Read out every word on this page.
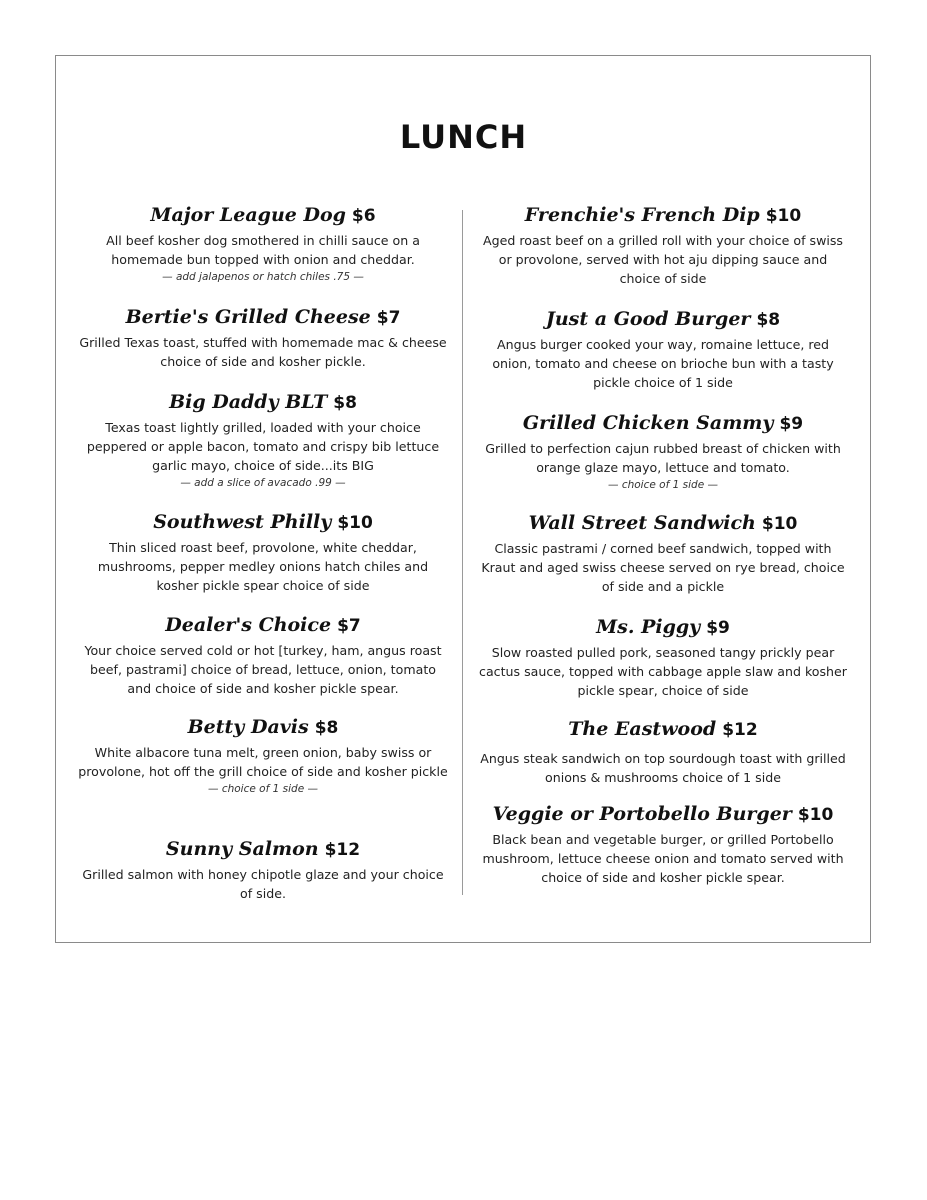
LUNCH

Major League Dog $6

All beef kosher dog smothered in chilli sauce on a homemade bun topped with onion and cheddar.

— add jalapenos or hatch chiles .75 —

Bertie's Grilled Cheese $7

Grilled Texas toast, stuffed with homemade mac & cheese choice of side and kosher pickle.

Big Daddy BLT $8

Texas toast lightly grilled, loaded with your choice peppered or apple bacon, tomato and crispy bib lettuce garlic mayo, choice of side...its BIG

— add a slice of avacado .99 —

Southwest Philly $10

Thin sliced roast beef, provolone, white cheddar, mushrooms, pepper medley onions hatch chiles and kosher pickle spear choice of side

Dealer's Choice $7

Your choice served cold or hot [turkey, ham, angus roast beef, pastrami] choice of bread, lettuce, onion, tomato and choice of side and kosher pickle spear.

Betty Davis $8

White albacore tuna melt, green onion, baby swiss or provolone, hot off the grill choice of side and kosher pickle

— choice of 1 side —

Sunny Salmon $12

Grilled salmon with honey chipotle glaze and your choice of side.

Frenchie's French Dip $10

Aged roast beef on a grilled roll with your choice of swiss or provolone, served with hot aju dipping sauce and choice of side

Just a Good Burger $8

Angus burger cooked your way, romaine lettuce, red onion, tomato and cheese on brioche bun with a tasty pickle choice of 1 side

Grilled Chicken Sammy $9

Grilled to perfection cajun rubbed breast of chicken with orange glaze mayo, lettuce and tomato.

— choice of 1 side —

Wall Street Sandwich $10

Classic pastrami / corned beef sandwich, topped with Kraut and aged swiss cheese served on rye bread, choice of side and a pickle

Ms. Piggy $9

Slow roasted pulled pork, seasoned tangy prickly pear cactus sauce, topped with cabbage apple slaw and kosher pickle spear, choice of side

The Eastwood $12

Angus steak sandwich on top sourdough toast with grilled onions & mushrooms choice of 1 side

Veggie or Portobello Burger $10

Black bean and vegetable burger, or grilled Portobello mushroom, lettuce cheese onion and tomato served with choice of side and kosher pickle spear.
